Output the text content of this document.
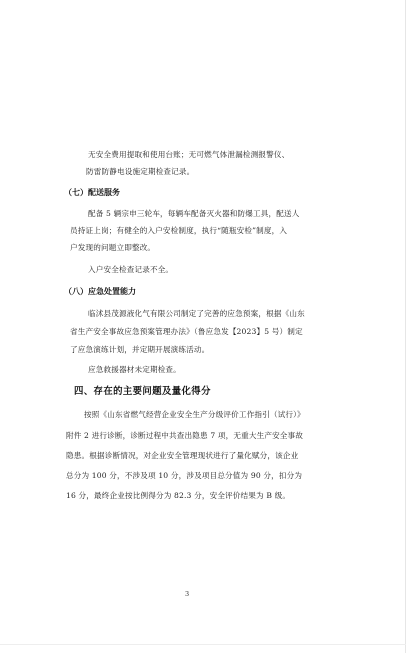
无安全费用提取和使用台账；无可燃气体泄漏检测报警仪、
防雷防静电设施定期检查记录。
（七）配送服务
配备 5 辆宗申三轮车，每辆车配备灭火器和防爆工具，配送人
员持证上岗；有健全的入户安检制度，执行“随瓶安检”制度，入
户发现的问题立即整改。
入户安全检查记录不全。
（八）应急处置能力
临沭县茂源液化气有限公司制定了完善的应急预案，根据《山东
省生产安全事故应急预案管理办法》（鲁应急发【2023】5 号）制定
了应急演练计划，并定期开展演练活动。
应急救援器材未定期检查。
四、存在的主要问题及量化得分
按照《山东省燃气经营企业安全生产分级评价工作指引（试行）》
附件 2 进行诊断，诊断过程中共查出隐患 7 项，无重大生产安全事故
隐患。根据诊断情况，对企业安全管理现状进行了量化赋分，该企业
总分为 100 分，不涉及项 10 分，涉及项目总分值为 90 分，扣分为
16 分，最终企业按比例得分为 82.3 分，安全评价结果为 B 级。
3
